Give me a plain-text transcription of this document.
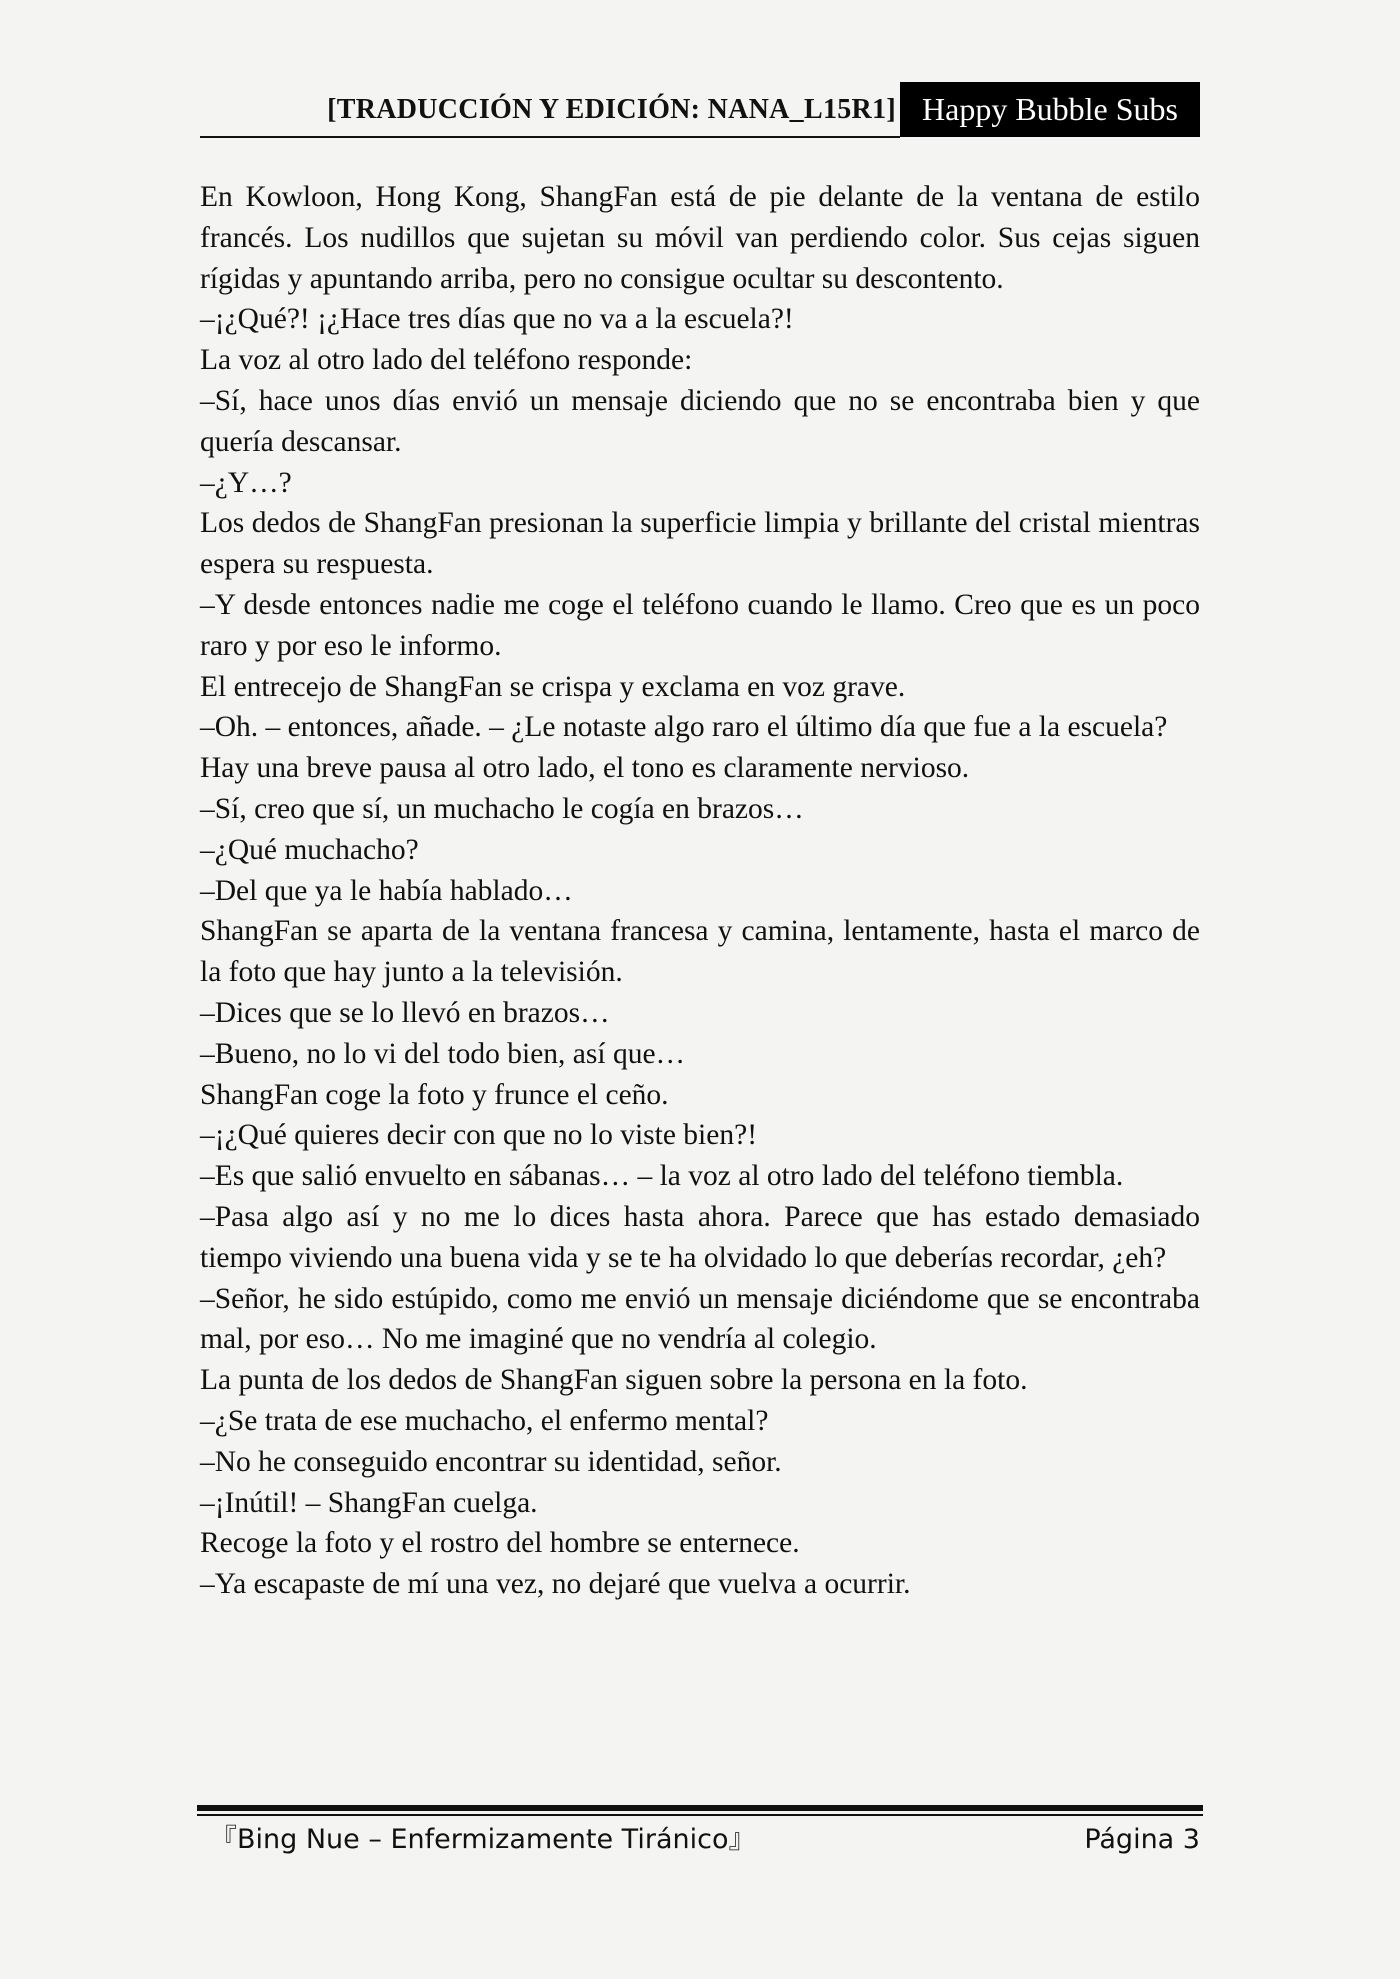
[TRADUCCIÓN Y EDICIÓN: NANA_L15R1] Happy Bubble Subs

En Kowloon, Hong Kong, ShangFan está de pie delante de la ventana de estilo francés. Los nudillos que sujetan su móvil van perdiendo color. Sus cejas siguen rígidas y apuntando arriba, pero no consigue ocultar su descontento.

–¡¿Qué?! ¡¿Hace tres días que no va a la escuela?!

La voz al otro lado del teléfono responde:

–Sí, hace unos días envió un mensaje diciendo que no se encontraba bien y que quería descansar.

–¿Y…?

Los dedos de ShangFan presionan la superficie limpia y brillante del cristal mientras espera su respuesta.

–Y desde entonces nadie me coge el teléfono cuando le llamo. Creo que es un poco raro y por eso le informo.

El entrecejo de ShangFan se crispa y exclama en voz grave.

–Oh. – entonces, añade. – ¿Le notaste algo raro el último día que fue a la escuela?

Hay una breve pausa al otro lado, el tono es claramente nervioso.

–Sí, creo que sí, un muchacho le cogía en brazos…

–¿Qué muchacho?

–Del que ya le había hablado…

ShangFan se aparta de la ventana francesa y camina, lentamente, hasta el marco de la foto que hay junto a la televisión.

–Dices que se lo llevó en brazos…

–Bueno, no lo vi del todo bien, así que…

ShangFan coge la foto y frunce el ceño.

–¡¿Qué quieres decir con que no lo viste bien?!

–Es que salió envuelto en sábanas… – la voz al otro lado del teléfono tiembla.

–Pasa algo así y no me lo dices hasta ahora. Parece que has estado demasiado tiempo viviendo una buena vida y se te ha olvidado lo que deberías recordar, ¿eh?

–Señor, he sido estúpido, como me envió un mensaje diciéndome que se encontraba mal, por eso… No me imaginé que no vendría al colegio.

La punta de los dedos de ShangFan siguen sobre la persona en la foto.

–¿Se trata de ese muchacho, el enfermo mental?

–No he conseguido encontrar su identidad, señor.

–¡Inútil! – ShangFan cuelga.

Recoge la foto y el rostro del hombre se enternece.

–Ya escapaste de mí una vez, no dejaré que vuelva a ocurrir.

『Bing Nue – Enfermizamente Tiránico』	Página 3
